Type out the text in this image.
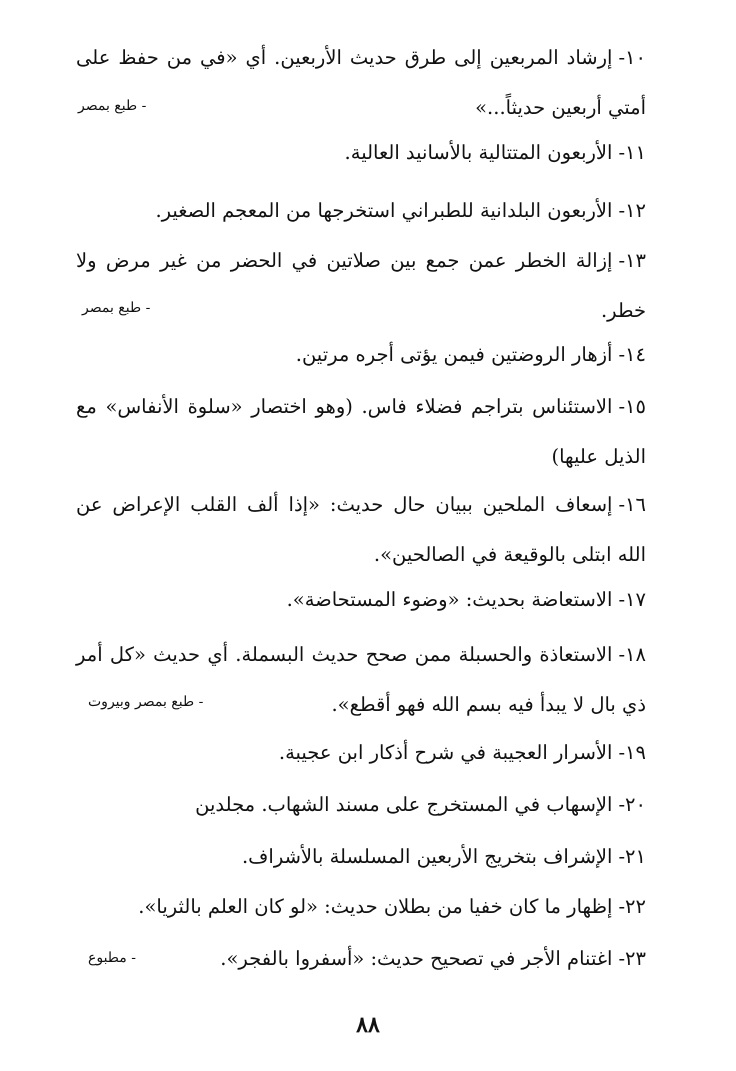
١٠-إرشاد المربعين إلى طرق حديث الأربعين. أي «في من حفظ على أمتي أربعين حديثاً...»
- طبع بمصر
١١-الأربعون المتتالية بالأسانيد العالية.
١٢-الأربعون البلدانية للطبراني استخرجها من المعجم الصغير.
١٣-إزالة الخطر عمن جمع بين صلاتين في الحضر من غير مرض ولا خطر.
- طبع بمصر
١٤-أزهار الروضتين فيمن يؤتى أجره مرتين.
١٥-الاستئناس بتراجم فضلاء فاس. (وهو اختصار «سلوة الأنفاس» مع الذيل عليها)
١٦-إسعاف الملحين ببيان حال حديث: «إذا ألف القلب الإعراض عن الله ابتلى بالوقيعة في الصالحين».
١٧-الاستعاضة بحديث: «وضوء المستحاضة».
١٨-الاستعاذة والحسبلة ممن صحح حديث البسملة. أي حديث «كل أمر ذي بال لا يبدأ فيه بسم الله فهو أقطع».
- طبع بمصر وبيروت
١٩-الأسرار العجيبة في شرح أذكار ابن عجيبة.
٢٠-الإسهاب في المستخرج على مسند الشهاب. مجلدين
٢١-الإشراف بتخريج الأربعين المسلسلة بالأشراف.
٢٢-إظهار ما كان خفيا من بطلان حديث: «لو كان العلم بالثريا».
٢٣-اغتنام الأجر في تصحيح حديث: «أسفروا بالفجر».
- مطبوع
٨٨
